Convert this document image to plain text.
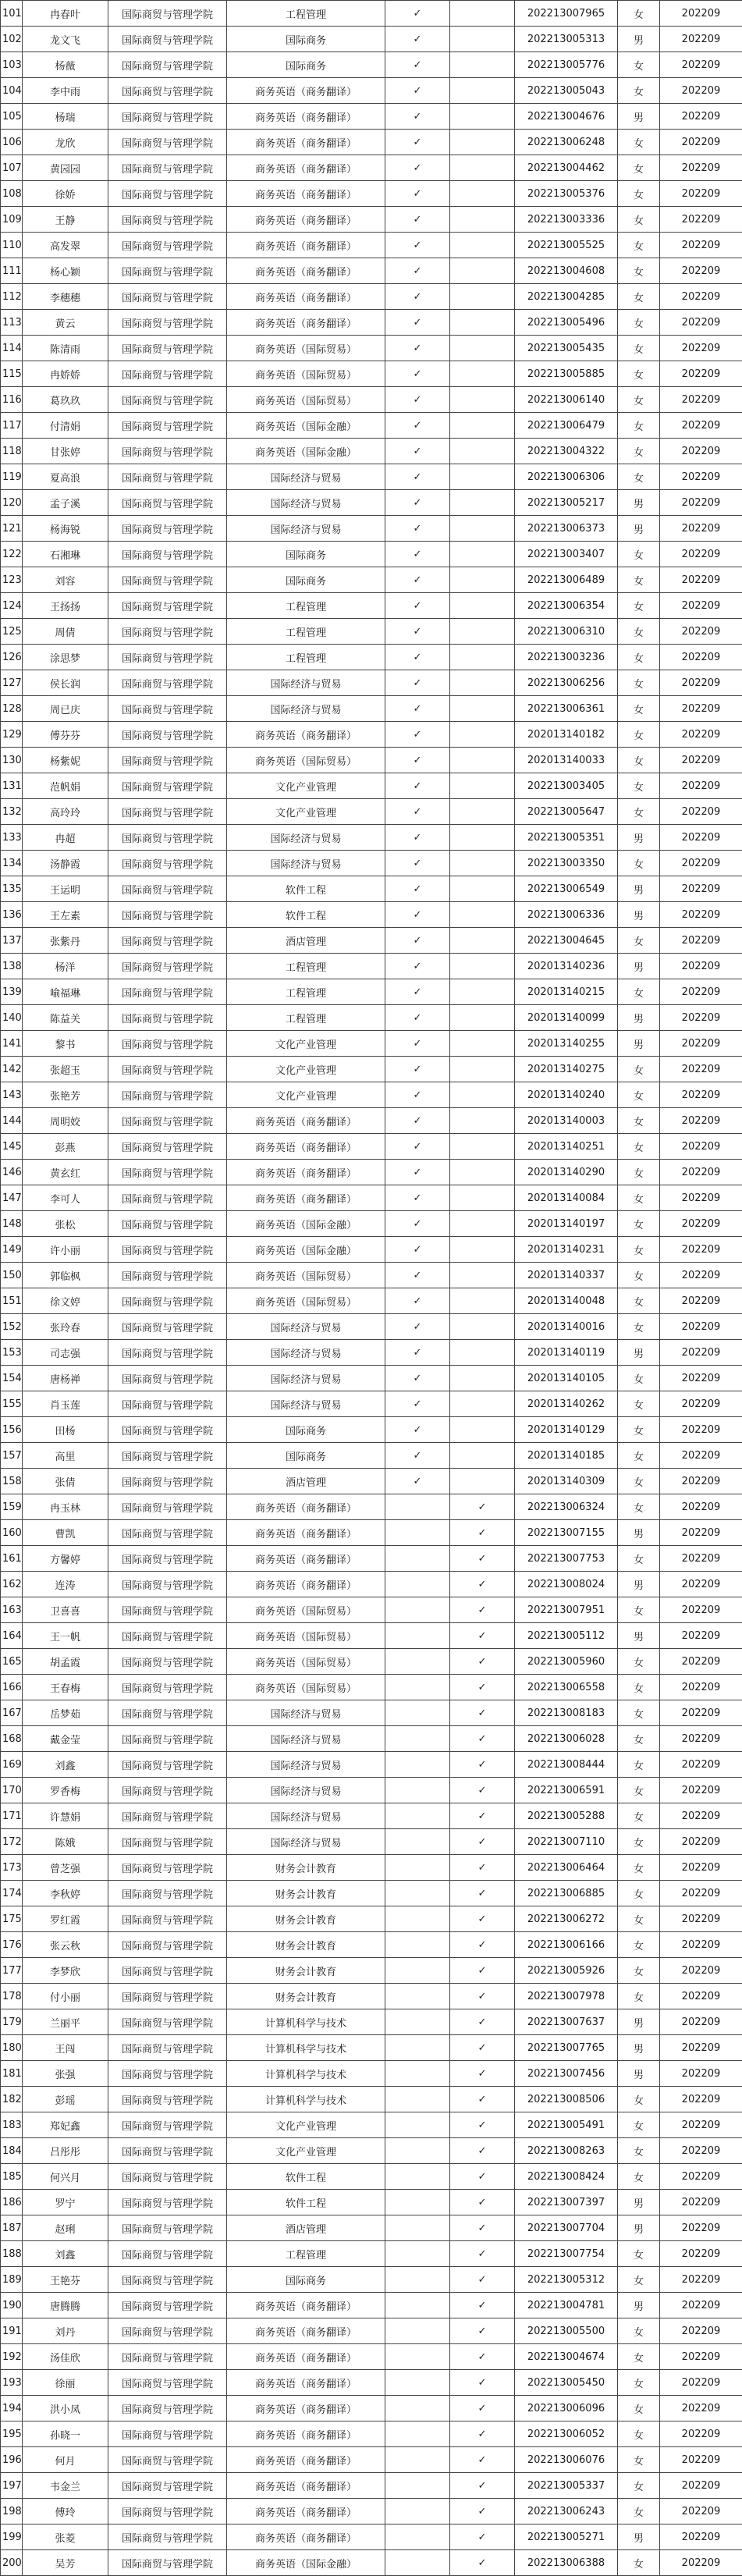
101	冉春叶	国际商贸与管理学院	工程管理	✓		202213007965	女	202209
102	龙文飞	国际商贸与管理学院	国际商务	✓		202213005313	男	202209
103	杨薇	国际商贸与管理学院	国际商务	✓		202213005776	女	202209
104	李中雨	国际商贸与管理学院	商务英语（商务翻译）	✓		202213005043	女	202209
105	杨瑞	国际商贸与管理学院	商务英语（商务翻译）	✓		202213004676	男	202209
106	龙欣	国际商贸与管理学院	商务英语（商务翻译）	✓		202213006248	女	202209
107	黄园园	国际商贸与管理学院	商务英语（商务翻译）	✓		202213004462	女	202209
108	徐娇	国际商贸与管理学院	商务英语（商务翻译）	✓		202213005376	女	202209
109	王静	国际商贸与管理学院	商务英语（商务翻译）	✓		202213003336	女	202209
110	高发翠	国际商贸与管理学院	商务英语（商务翻译）	✓		202213005525	女	202209
111	杨心颖	国际商贸与管理学院	商务英语（商务翻译）	✓		202213004608	女	202209
112	李穗穗	国际商贸与管理学院	商务英语（商务翻译）	✓		202213004285	女	202209
113	黄云	国际商贸与管理学院	商务英语（商务翻译）	✓		202213005496	女	202209
114	陈清雨	国际商贸与管理学院	商务英语（国际贸易）	✓		202213005435	女	202209
115	冉娇娇	国际商贸与管理学院	商务英语（国际贸易）	✓		202213005885	女	202209
116	葛玖玖	国际商贸与管理学院	商务英语（国际贸易）	✓		202213006140	女	202209
117	付清娟	国际商贸与管理学院	商务英语（国际金融）	✓		202213006479	女	202209
118	甘张婷	国际商贸与管理学院	商务英语（国际金融）	✓		202213004322	女	202209
119	夏高浪	国际商贸与管理学院	国际经济与贸易	✓		202213006306	女	202209
120	孟子溪	国际商贸与管理学院	国际经济与贸易	✓		202213005217	男	202209
121	杨海锐	国际商贸与管理学院	国际经济与贸易	✓		202213006373	男	202209
122	石湘琳	国际商贸与管理学院	国际商务	✓		202213003407	女	202209
123	刘容	国际商贸与管理学院	国际商务	✓		202213006489	女	202209
124	王扬扬	国际商贸与管理学院	工程管理	✓		202213006354	女	202209
125	周倩	国际商贸与管理学院	工程管理	✓		202213006310	女	202209
126	涂思梦	国际商贸与管理学院	工程管理	✓		202213003236	女	202209
127	侯长润	国际商贸与管理学院	国际经济与贸易	✓		202213006256	女	202209
128	周已庆	国际商贸与管理学院	国际经济与贸易	✓		202213006361	女	202209
129	傅芬芬	国际商贸与管理学院	商务英语（商务翻译）	✓		202013140182	女	202209
130	杨紫妮	国际商贸与管理学院	商务英语（国际贸易）	✓		202013140033	女	202209
131	范帆娟	国际商贸与管理学院	文化产业管理	✓		202213003405	女	202209
132	高玲玲	国际商贸与管理学院	文化产业管理	✓		202213005647	女	202209
133	冉超	国际商贸与管理学院	国际经济与贸易	✓		202213005351	男	202209
134	汤静霞	国际商贸与管理学院	国际经济与贸易	✓		202213003350	女	202209
135	王运明	国际商贸与管理学院	软件工程	✓		202213006549	男	202209
136	王左素	国际商贸与管理学院	软件工程	✓		202213006336	男	202209
137	张紫丹	国际商贸与管理学院	酒店管理	✓		202213004645	女	202209
138	杨洋	国际商贸与管理学院	工程管理	✓		202013140236	男	202209
139	喻福琳	国际商贸与管理学院	工程管理	✓		202013140215	女	202209
140	陈益关	国际商贸与管理学院	工程管理	✓		202013140099	男	202209
141	黎书	国际商贸与管理学院	文化产业管理	✓		202013140255	男	202209
142	张超玉	国际商贸与管理学院	文化产业管理	✓		202013140275	女	202209
143	张艳芳	国际商贸与管理学院	文化产业管理	✓		202013140240	女	202209
144	周明姣	国际商贸与管理学院	商务英语（商务翻译）	✓		202013140003	女	202209
145	彭燕	国际商贸与管理学院	商务英语（商务翻译）	✓		202013140251	女	202209
146	黄玄红	国际商贸与管理学院	商务英语（商务翻译）	✓		202013140290	女	202209
147	李可人	国际商贸与管理学院	商务英语（商务翻译）	✓		202013140084	女	202209
148	张松	国际商贸与管理学院	商务英语（国际金融）	✓		202013140197	女	202209
149	许小丽	国际商贸与管理学院	商务英语（国际金融）	✓		202013140231	女	202209
150	郭临枫	国际商贸与管理学院	商务英语（国际贸易）	✓		202013140337	女	202209
151	徐文婷	国际商贸与管理学院	商务英语（国际贸易）	✓		202013140048	女	202209
152	张玲春	国际商贸与管理学院	国际经济与贸易	✓		202013140016	女	202209
153	司志强	国际商贸与管理学院	国际经济与贸易	✓		202013140119	男	202209
154	唐杨禅	国际商贸与管理学院	国际经济与贸易	✓		202013140105	女	202209
155	肖玉莲	国际商贸与管理学院	国际经济与贸易	✓		202013140262	女	202209
156	田杨	国际商贸与管理学院	国际商务	✓		202013140129	女	202209
157	高里	国际商贸与管理学院	国际商务	✓		202013140185	女	202209
158	张倩	国际商贸与管理学院	酒店管理	✓		202013140309	女	202209
159	冉玉林	国际商贸与管理学院	商务英语（商务翻译）		✓	202213006324	女	202209
160	曹凯	国际商贸与管理学院	商务英语（商务翻译）		✓	202213007155	男	202209
161	方馨婷	国际商贸与管理学院	商务英语（商务翻译）		✓	202213007753	女	202209
162	连涛	国际商贸与管理学院	商务英语（商务翻译）		✓	202213008024	男	202209
163	卫喜喜	国际商贸与管理学院	商务英语（国际贸易）		✓	202213007951	女	202209
164	王一帆	国际商贸与管理学院	商务英语（国际贸易）		✓	202213005112	男	202209
165	胡孟霞	国际商贸与管理学院	商务英语（国际贸易）		✓	202213005960	女	202209
166	王春梅	国际商贸与管理学院	商务英语（国际贸易）		✓	202213006558	女	202209
167	岳梦茹	国际商贸与管理学院	国际经济与贸易		✓	202213008183	女	202209
168	戴金莹	国际商贸与管理学院	国际经济与贸易		✓	202213006028	女	202209
169	刘鑫	国际商贸与管理学院	国际经济与贸易		✓	202213008444	女	202209
170	罗香梅	国际商贸与管理学院	国际经济与贸易		✓	202213006591	女	202209
171	许慧娟	国际商贸与管理学院	国际经济与贸易		✓	202213005288	女	202209
172	陈娥	国际商贸与管理学院	国际经济与贸易		✓	202213007110	女	202209
173	曾芝强	国际商贸与管理学院	财务会计教育		✓	202213006464	女	202209
174	李秋婷	国际商贸与管理学院	财务会计教育		✓	202213006885	女	202209
175	罗红霞	国际商贸与管理学院	财务会计教育		✓	202213006272	女	202209
176	张云秋	国际商贸与管理学院	财务会计教育		✓	202213006166	女	202209
177	李梦欣	国际商贸与管理学院	财务会计教育		✓	202213005926	女	202209
178	付小丽	国际商贸与管理学院	财务会计教育		✓	202213007978	女	202209
179	兰丽平	国际商贸与管理学院	计算机科学与技术		✓	202213007637	男	202209
180	王闯	国际商贸与管理学院	计算机科学与技术		✓	202213007765	男	202209
181	张强	国际商贸与管理学院	计算机科学与技术		✓	202213007456	男	202209
182	彭瑶	国际商贸与管理学院	计算机科学与技术		✓	202213008506	女	202209
183	郑妃鑫	国际商贸与管理学院	文化产业管理		✓	202213005491	女	202209
184	吕彤彤	国际商贸与管理学院	文化产业管理		✓	202213008263	女	202209
185	何兴月	国际商贸与管理学院	软件工程		✓	202213008424	女	202209
186	罗宁	国际商贸与管理学院	软件工程		✓	202213007397	男	202209
187	赵琍	国际商贸与管理学院	酒店管理		✓	202213007704	男	202209
188	刘鑫	国际商贸与管理学院	工程管理		✓	202213007754	女	202209
189	王艳芬	国际商贸与管理学院	国际商务		✓	202213005312	女	202209
190	唐腾腾	国际商贸与管理学院	商务英语（商务翻译）		✓	202213004781	男	202209
191	刘丹	国际商贸与管理学院	商务英语（商务翻译）		✓	202213005500	女	202209
192	汤佳欣	国际商贸与管理学院	商务英语（商务翻译）		✓	202213004674	女	202209
193	徐丽	国际商贸与管理学院	商务英语（商务翻译）		✓	202213005450	女	202209
194	洪小凤	国际商贸与管理学院	商务英语（商务翻译）		✓	202213006096	女	202209
195	孙晓一	国际商贸与管理学院	商务英语（商务翻译）		✓	202213006052	女	202209
196	何月	国际商贸与管理学院	商务英语（商务翻译）		✓	202213006076	女	202209
197	韦金兰	国际商贸与管理学院	商务英语（商务翻译）		✓	202213005337	女	202209
198	傅玲	国际商贸与管理学院	商务英语（商务翻译）		✓	202213006243	女	202209
199	张菱	国际商贸与管理学院	商务英语（商务翻译）		✓	202213005271	男	202209
200	吴芳	国际商贸与管理学院	商务英语（国际金融）		✓	202213006388	女	202209
